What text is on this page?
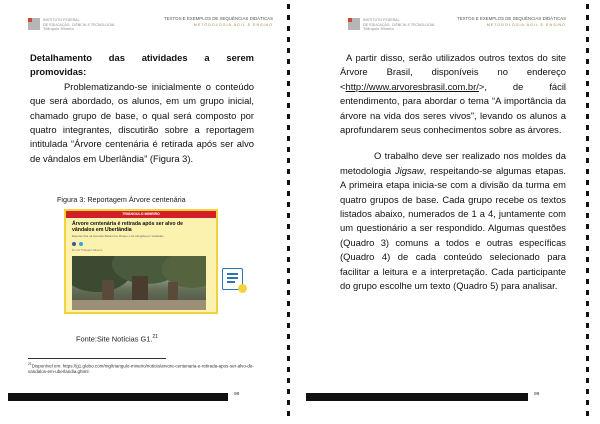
INSTITUTO FEDERAL
DE EDUCAÇÃO, CIÊNCIA E TECNOLOGIA
Triângulo Mineiro
TEXTOS E EXEMPLOS DE SEQUÊNCIAS DIDÁTICAS
METODOLOGIA ÁGIL E ENSINO

Detalhamento das atividades a serem promovidas:

Problematizando-se inicialmente o conteúdo que será abordado, os alunos, em um grupo inicial, chamado grupo de base, o qual será composto por quatro integrantes, discutirão sobre a reportagem intitulada “Árvore centenária é retirada após ser alvo de vândalos em Uberlândia” (Figura 3).

Figura 3: Reportagem Árvore centenária
TRIÂNGULO MINEIRO
Árvore centenária é retirada após ser alvo de vândalos em Uberlândia
Espécie fica na Avenida Belarmino Roque e foi atingida por vândalos.
Do G1 Triângulo Mineiro
Fonte:Site Notícias G1.21
$^{21}$Disponível em: https://g1.globo.com/mg/triangulo-mineiro/noticia/arvore-centenaria-e-retirada-apos-ser-alvo-de-vandalos-em-uberlandia.ghtml.
98
INSTITUTO FEDERAL
DE EDUCAÇÃO, CIÊNCIA E TECNOLOGIA
Triângulo Mineiro
TEXTOS E EXEMPLOS DE SEQUÊNCIAS DIDÁTICAS
METODOLOGIA ÁGIL E ENSINO

A partir disso, serão utilizados outros textos do site Árvore Brasil, disponíveis no endereço <http://www.arvoresbrasil.com.br/>, de fácil entendimento, para abordar o tema “A importância da árvore na vida dos seres vivos”, levando os alunos a aprofundarem seus conhecimentos sobre as árvores.

O trabalho deve ser realizado nos moldes da metodologia Jigsaw, respeitando-se algumas etapas. A primeira etapa inicia-se com a divisão da turma em quatro grupos de base. Cada grupo recebe os textos listados abaixo, numerados de 1 a 4, juntamente com um questionário a ser respondido. Algumas questões (Quadro 3) comuns a todos e outras específicas (Quadro 4) de cada conteúdo selecionado para facilitar a leitura e a interpretação. Cada participante do grupo escolhe um texto (Quadro 5) para analisar.

99
